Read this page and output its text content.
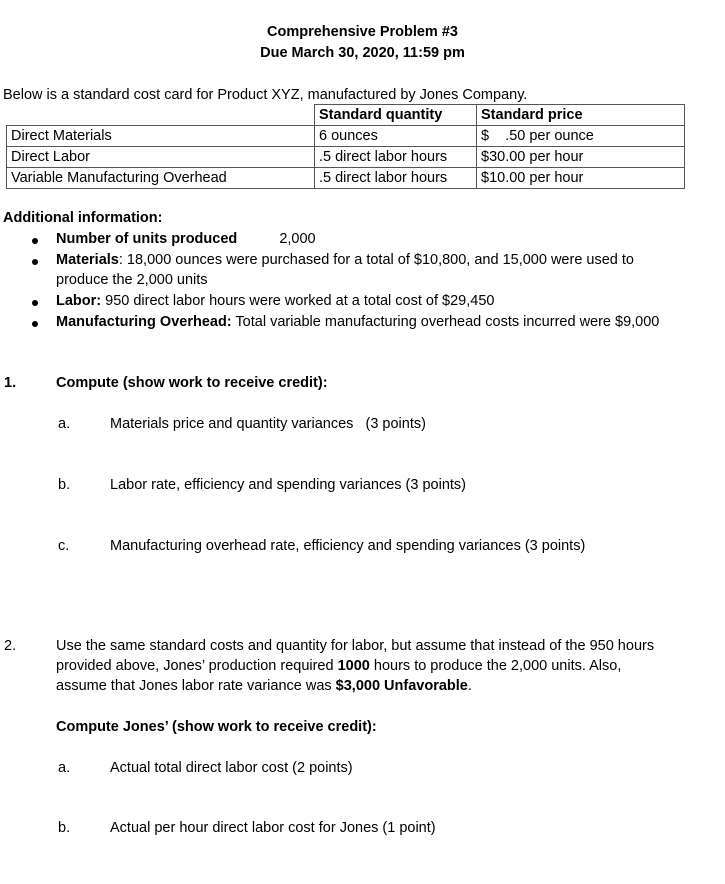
Comprehensive Problem #3
Due March 30, 2020, 11:59 pm
Below is a standard cost card for Product XYZ, manufactured by Jones Company.
	Standard quantity	Standard price
Direct Materials	6 ounces	$    .50 per ounce
Direct Labor	.5 direct labor hours	$30.00 per hour
Variable Manufacturing Overhead	.5 direct labor hours	$10.00 per hour
Additional information:
Number of units produced	2,000
Materials: 18,000 ounces were purchased for a total of $10,800, and 15,000 were used to
produce the 2,000 units
Labor: 950 direct labor hours were worked at a total cost of $29,450
Manufacturing Overhead: Total variable manufacturing overhead costs incurred were $9,000
1.	Compute (show work to receive credit):
a.	Materials price and quantity variances   (3 points)
b.	Labor rate, efficiency and spending variances (3 points)
c.	Manufacturing overhead rate, efficiency and spending variances (3 points)
2.	Use the same standard costs and quantity for labor, but assume that instead of the 950 hours
provided above, Jones’ production required 1000 hours to produce the 2,000 units. Also,
assume that Jones labor rate variance was $3,000 Unfavorable.
Compute Jones’ (show work to receive credit):
a.	Actual total direct labor cost (2 points)
b.	Actual per hour direct labor cost for Jones (1 point)
